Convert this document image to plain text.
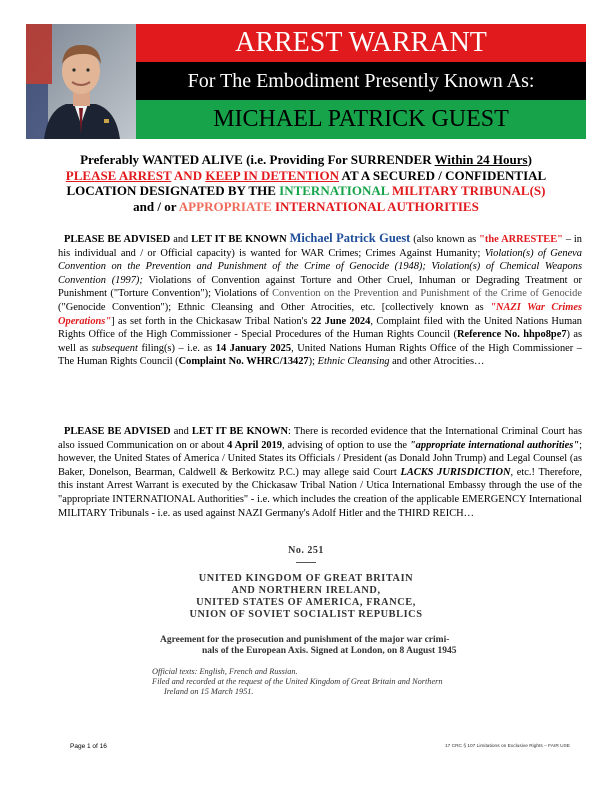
ARREST WARRANT
For The Embodiment Presently Known As:
MICHAEL PATRICK GUEST
Preferably WANTED ALIVE (i.e. Providing For SURRENDER Within 24 Hours)
PLEASE ARREST AND KEEP IN DETENTION AT A SECURED / CONFIDENTIAL
LOCATION DESIGNATED BY THE INTERNATIONAL MILITARY TRIBUNAL(S)
and / or APPROPRIATE INTERNATIONAL AUTHORITIES
PLEASE BE ADVISED and LET IT BE KNOWN Michael Patrick Guest (also known as "the ARRESTEE" – in his individual and / or Official capacity) is wanted for WAR Crimes; Crimes Against Humanity; Violation(s) of Geneva Convention on the Prevention and Punishment of the Crime of Genocide (1948); Violation(s) of Chemical Weapons Convention (1997); Violations of Convention against Torture and Other Cruel, Inhuman or Degrading Treatment or Punishment ("Torture Convention"); Violations of Convention on the Prevention and Punishment of the Crime of Genocide ("Genocide Convention"); Ethnic Cleansing and Other Atrocities, etc. [collectively known as "NAZI War Crimes Operations"] as set forth in the Chickasaw Tribal Nation's 22 June 2024, Complaint filed with the United Nations Human Rights Office of the High Commissioner - Special Procedures of the Human Rights Council (Reference No. hhpo8pe7) as well as subsequent filing(s) – i.e. as 14 January 2025, United Nations Human Rights Office of the High Commissioner – The Human Rights Council (Complaint No. WHRC/13427); Ethnic Cleansing and other Atrocities…
PLEASE BE ADVISED and LET IT BE KNOWN: There is recorded evidence that the International Criminal Court has also issued Communication on or about 4 April 2019, advising of option to use the "appropriate international authorities"; however, the United States of America / United States its Officials / President (as Donald John Trump) and Legal Counsel (as Baker, Donelson, Bearman, Caldwell & Berkowitz P.C.) may allege said Court LACKS JURISDICTION, etc.! Therefore, this instant Arrest Warrant is executed by the Chickasaw Tribal Nation / Utica International Embassy through the use of the "appropriate INTERNATIONAL Authorities" - i.e. which includes the creation of the applicable EMERGENCY International MILITARY Tribunals - i.e. as used against NAZI Germany's Adolf Hitler and the THIRD REICH…
No. 251
UNITED KINGDOM OF GREAT BRITAIN
AND NORTHERN IRELAND,
UNITED STATES OF AMERICA, FRANCE,
UNION OF SOVIET SOCIALIST REPUBLICS
Agreement for the prosecution and punishment of the major war crimi-
nals of the European Axis. Signed at London, on 8 August 1945
Official texts: English, French and Russian.
Filed and recorded at the request of the United Kingdom of Great Britain and Northern
Ireland on 15 March 1951.
Page 1 of 16	17 CRC § 107 Limitations on Exclusive Rights – FAIR USE
